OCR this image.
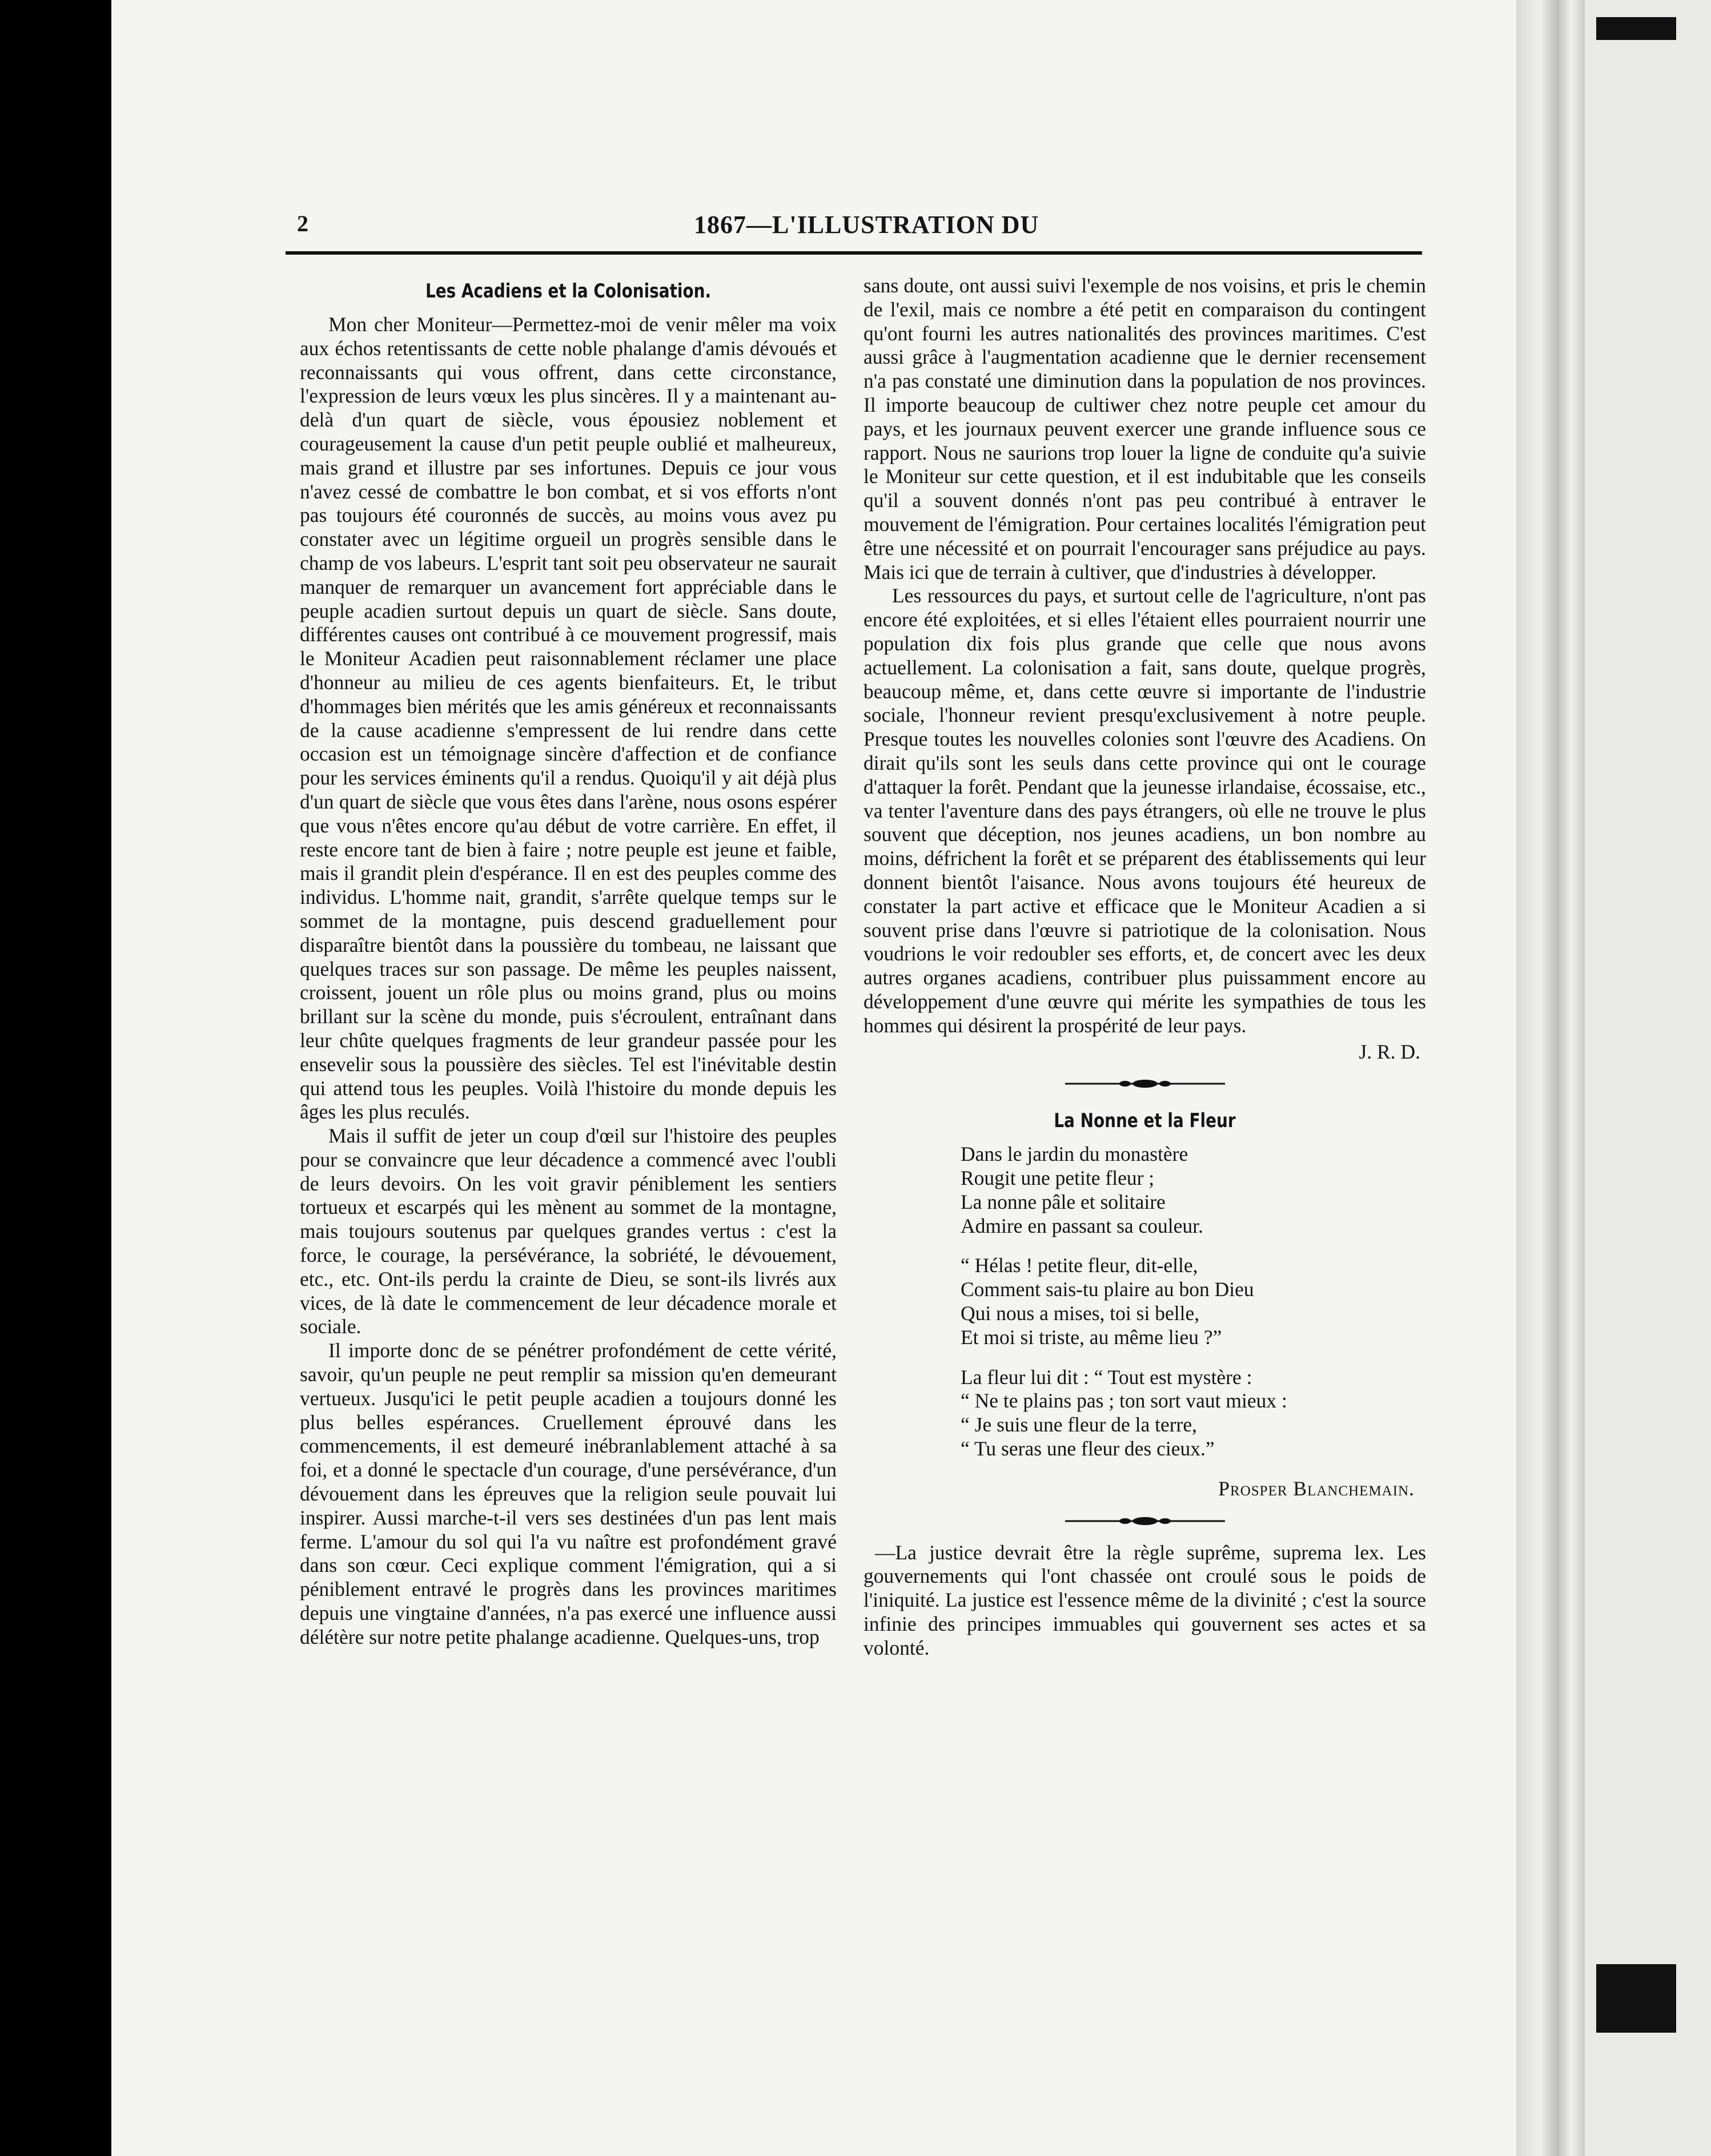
2	1867—L'ILLUSTRATION DU
Les Acadiens et la Colonisation.

Mon cher Moniteur—Permettez-moi de venir mêler ma voix aux échos retentissants de cette noble phalange d'amis dévoués et reconnaissants qui vous offrent, dans cette circonstance, l'expression de leurs vœux les plus sincères. Il y a maintenant au-delà d'un quart de siècle, vous épousiez noblement et courageusement la cause d'un petit peuple oublié et malheureux, mais grand et illustre par ses infortunes. Depuis ce jour vous n'avez cessé de combattre le bon combat, et si vos efforts n'ont pas toujours été couronnés de succès, au moins vous avez pu constater avec un légitime orgueil un progrès sensible dans le champ de vos labeurs. L'esprit tant soit peu observateur ne saurait manquer de remarquer un avancement fort appréciable dans le peuple acadien surtout depuis un quart de siècle. Sans doute, différentes causes ont contribué à ce mouvement progressif, mais le Moniteur Acadien peut raisonnablement réclamer une place d'honneur au milieu de ces agents bienfaiteurs. Et, le tribut d'hommages bien mérités que les amis généreux et reconnaissants de la cause acadienne s'empressent de lui rendre dans cette occasion est un témoignage sincère d'affection et de confiance pour les services éminents qu'il a rendus. Quoiqu'il y ait déjà plus d'un quart de siècle que vous êtes dans l'arène, nous osons espérer que vous n'êtes encore qu'au début de votre carrière. En effet, il reste encore tant de bien à faire ; notre peuple est jeune et faible, mais il grandit plein d'espérance. Il en est des peuples comme des individus. L'homme nait, grandit, s'arrête quelque temps sur le sommet de la montagne, puis descend graduellement pour disparaître bientôt dans la poussière du tombeau, ne laissant que quelques traces sur son passage. De même les peuples naissent, croissent, jouent un rôle plus ou moins grand, plus ou moins brillant sur la scène du monde, puis s'écroulent, entraînant dans leur chûte quelques fragments de leur grandeur passée pour les ensevelir sous la poussière des siècles. Tel est l'inévitable destin qui attend tous les peuples. Voilà l'histoire du monde depuis les âges les plus reculés.

Mais il suffit de jeter un coup d'œil sur l'histoire des peuples pour se convaincre que leur décadence a commencé avec l'oubli de leurs devoirs. On les voit gravir péniblement les sentiers tortueux et escarpés qui les mènent au sommet de la montagne, mais toujours soutenus par quelques grandes vertus : c'est la force, le courage, la persévérance, la sobriété, le dévouement, etc., etc. Ont-ils perdu la crainte de Dieu, se sont-ils livrés aux vices, de là date le commencement de leur décadence morale et sociale.

Il importe donc de se pénétrer profondément de cette vérité, savoir, qu'un peuple ne peut remplir sa mission qu'en demeurant vertueux. Jusqu'ici le petit peuple acadien a toujours donné les plus belles espérances. Cruellement éprouvé dans les commencements, il est demeuré inébranlablement attaché à sa foi, et a donné le spectacle d'un courage, d'une persévérance, d'un dévouement dans les épreuves que la religion seule pouvait lui inspirer. Aussi marche-t-il vers ses destinées d'un pas lent mais ferme. L'amour du sol qui l'a vu naître est profondément gravé dans son cœur. Ceci explique comment l'émigration, qui a si péniblement entravé le progrès dans les provinces maritimes depuis une vingtaine d'années, n'a pas exercé une influence aussi délétère sur notre petite phalange acadienne. Quelques-uns, trop

sans doute, ont aussi suivi l'exemple de nos voisins, et pris le chemin de l'exil, mais ce nombre a été petit en comparaison du contingent qu'ont fourni les autres nationalités des provinces maritimes. C'est aussi grâce à l'augmentation acadienne que le dernier recensement n'a pas constaté une diminution dans la population de nos provinces. Il importe beaucoup de cultiwer chez notre peuple cet amour du pays, et les journaux peuvent exercer une grande influence sous ce rapport. Nous ne saurions trop louer la ligne de conduite qu'a suivie le Moniteur sur cette question, et il est indubitable que les conseils qu'il a souvent donnés n'ont pas peu contribué à entraver le mouvement de l'émigration. Pour certaines localités l'émigration peut être une nécessité et on pourrait l'encourager sans préjudice au pays. Mais ici que de terrain à cultiver, que d'industries à développer.

Les ressources du pays, et surtout celle de l'agriculture, n'ont pas encore été exploitées, et si elles l'étaient elles pourraient nourrir une population dix fois plus grande que celle que nous avons actuellement. La colonisation a fait, sans doute, quelque progrès, beaucoup même, et, dans cette œuvre si importante de l'industrie sociale, l'honneur revient presqu'exclusivement à notre peuple. Presque toutes les nouvelles colonies sont l'œuvre des Acadiens. On dirait qu'ils sont les seuls dans cette province qui ont le courage d'attaquer la forêt. Pendant que la jeunesse irlandaise, écossaise, etc., va tenter l'aventure dans des pays étrangers, où elle ne trouve le plus souvent que déception, nos jeunes acadiens, un bon nombre au moins, défrichent la forêt et se préparent des établissements qui leur donnent bientôt l'aisance. Nous avons toujours été heureux de constater la part active et efficace que le Moniteur Acadien a si souvent prise dans l'œuvre si patriotique de la colonisation. Nous voudrions le voir redoubler ses efforts, et, de concert avec les deux autres organes acadiens, contribuer plus puissamment encore au développement d'une œuvre qui mérite les sympathies de tous les hommes qui désirent la prospérité de leur pays.

J. R. D.
La Nonne et la Fleur
Dans le jardin du monastère
Rougit une petite fleur ;
La nonne pâle et solitaire
Admire en passant sa couleur.
“ Hélas ! petite fleur, dit-elle,
Comment sais-tu plaire au bon Dieu
Qui nous a mises, toi si belle,
Et moi si triste, au même lieu ?”
La fleur lui dit : “ Tout est mystère :
“ Ne te plains pas ; ton sort vaut mieux :
“ Je suis une fleur de la terre,
“ Tu seras une fleur des cieux.”
Prosper Blanchemain.

—La justice devrait être la règle suprême, suprema lex. Les gouvernements qui l'ont chassée ont croulé sous le poids de l'iniquité. La justice est l'essence même de la divinité ; c'est la source infinie des principes immuables qui gouvernent ses actes et sa volonté.
